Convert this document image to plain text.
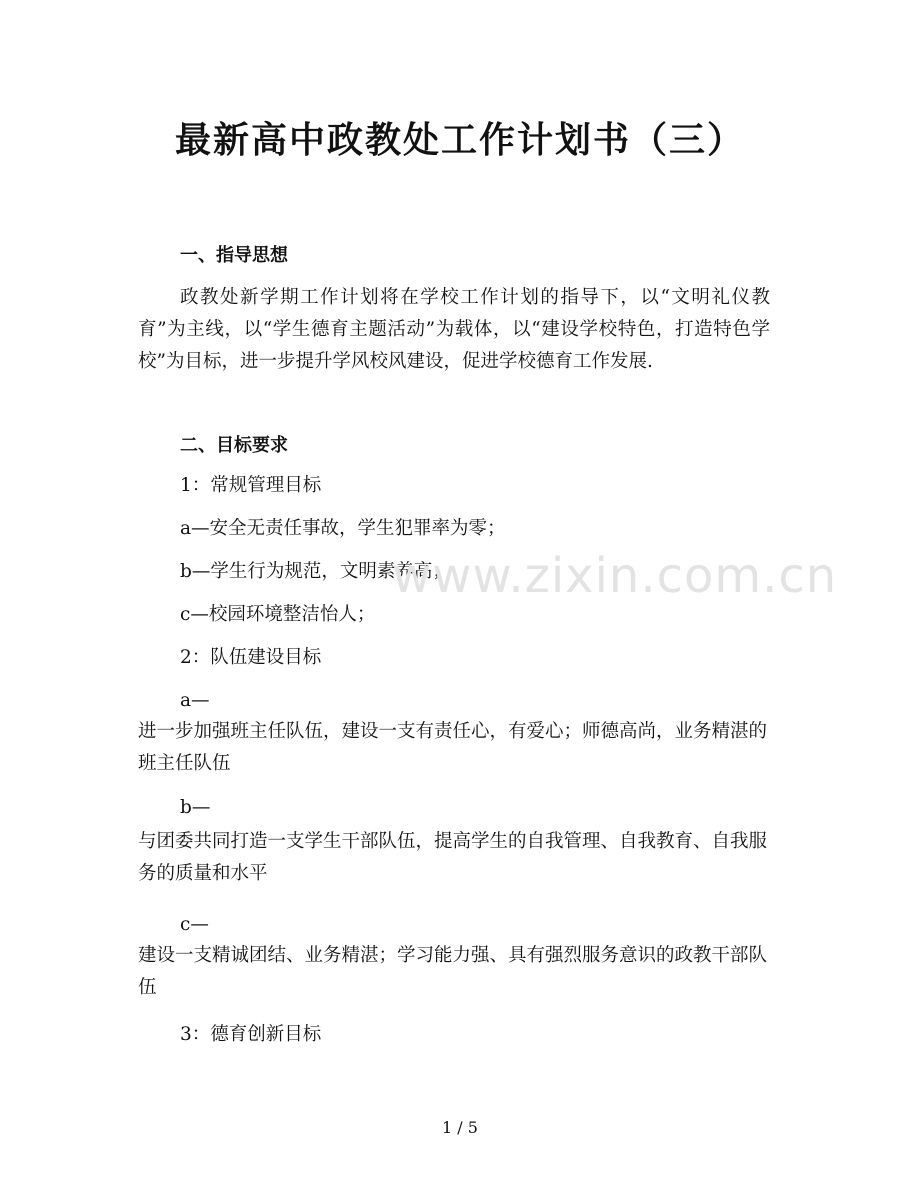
最新高中政教处工作计划书（三）
一、指导思想
政教处新学期工作计划将在学校工作计划的指导下，以“文明礼仪教育”为主线，以“学生德育主题活动”为载体，以“建设学校特色，打造特色学校”为目标，进一步提升学风校风建设，促进学校德育工作发展.
二、目标要求
1：常规管理目标
a—安全无责任事故，学生犯罪率为零；
b—学生行为规范，文明素养高；
c—校园环境整洁怡人；
2：队伍建设目标
a—
进一步加强班主任队伍，建设一支有责任心，有爱心；师德高尚，业务精湛的班主任队伍
b—
与团委共同打造一支学生干部队伍，提高学生的自我管理、自我教育、自我服务的质量和水平
c—
建设一支精诚团结、业务精湛；学习能力强、具有强烈服务意识的政教干部队伍
3：德育创新目标
www.zixin.com.cn
1 / 5
